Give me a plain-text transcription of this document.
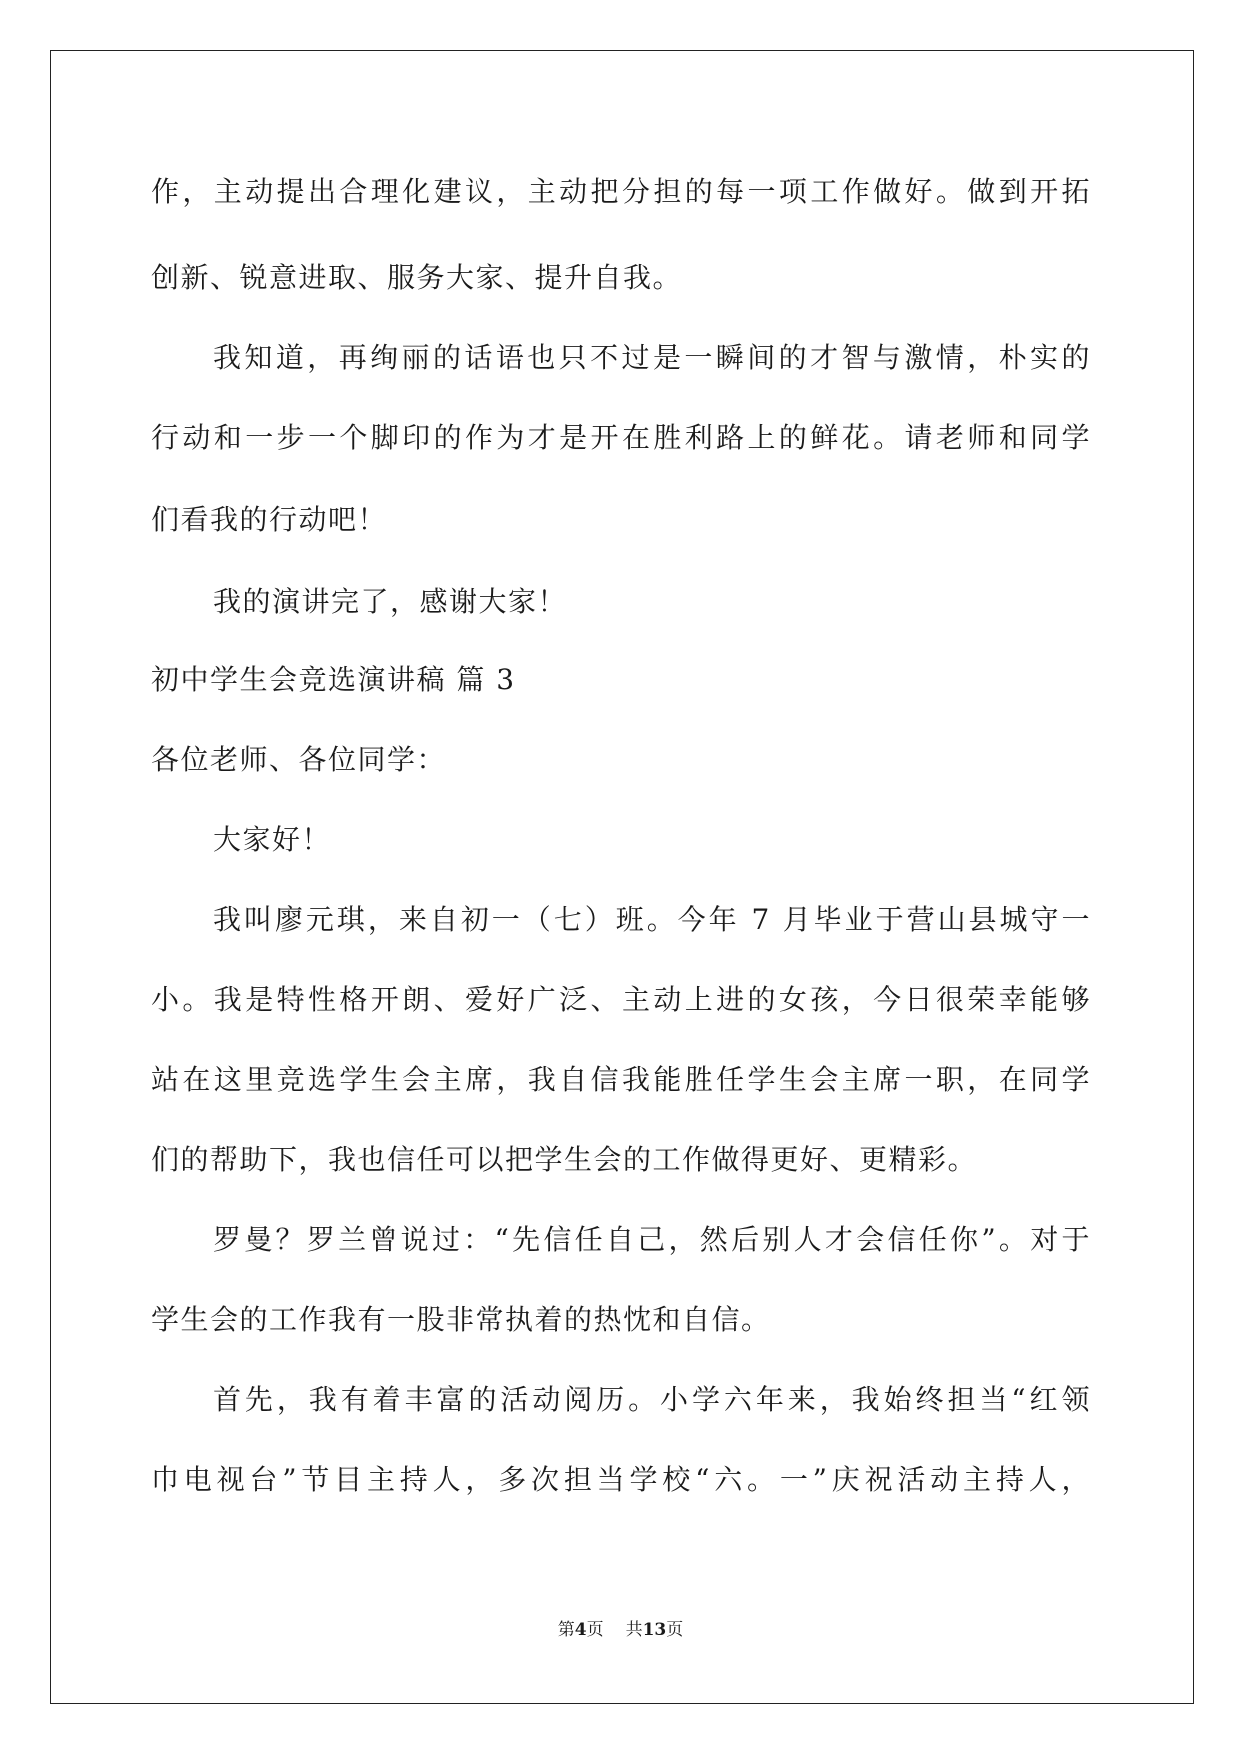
作，主动提出合理化建议，主动把分担的每一项工作做好。做到开拓

创新、锐意进取、服务大家、提升自我。

我知道，再绚丽的话语也只不过是一瞬间的才智与激情，朴实的

行动和一步一个脚印的作为才是开在胜利路上的鲜花。请老师和同学

们看我的行动吧！

我的演讲完了，感谢大家！

初中学生会竞选演讲稿 篇 3

各位老师、各位同学：

大家好！

我叫廖元琪，来自初一（七）班。今年 7 月毕业于营山县城守一

小。我是特性格开朗、爱好广泛、主动上进的女孩，今日很荣幸能够

站在这里竞选学生会主席，我自信我能胜任学生会主席一职，在同学

们的帮助下，我也信任可以把学生会的工作做得更好、更精彩。

罗曼？罗兰曾说过：“先信任自己，然后别人才会信任你”。对于

学生会的工作我有一股非常执着的热忱和自信。

首先，我有着丰富的活动阅历。小学六年来，我始终担当“红领

巾电视台”节目主持人，多次担当学校“六。一”庆祝活动主持人，

第4页 共13页
